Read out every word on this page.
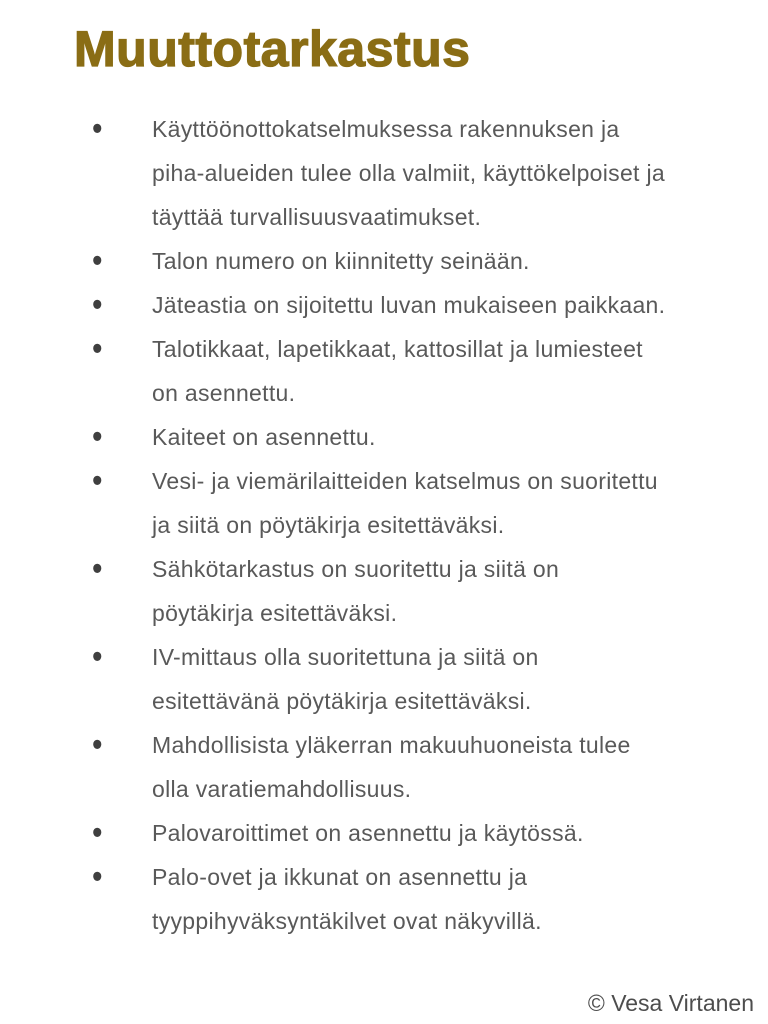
Muuttotarkastus
•	Käyttöönottokatselmuksessa rakennuksen ja
piha-alueiden tulee olla valmiit, käyttökelpoiset ja
täyttää turvallisuusvaatimukset.
•	Talon numero on kiinnitetty seinään.
•	Jäteastia on sijoitettu luvan mukaiseen paikkaan.
•	Talotikkaat, lapetikkaat, kattosillat ja lumiesteet
on asennettu.
•	Kaiteet on asennettu.
•	Vesi- ja viemärilaitteiden katselmus on suoritettu
ja siitä on pöytäkirja esitettäväksi.
•	Sähkötarkastus on suoritettu ja siitä on
pöytäkirja esitettäväksi.
•	IV-mittaus olla suoritettuna ja siitä on
esitettävänä pöytäkirja esitettäväksi.
•	Mahdollisista yläkerran makuuhuoneista tulee
olla varatiemahdollisuus.
•	Palovaroittimet on asennettu ja käytössä.
•	Palo-ovet ja ikkunat on asennettu ja
tyyppihyväksyntäkilvet ovat näkyvillä.
© Vesa Virtanen
